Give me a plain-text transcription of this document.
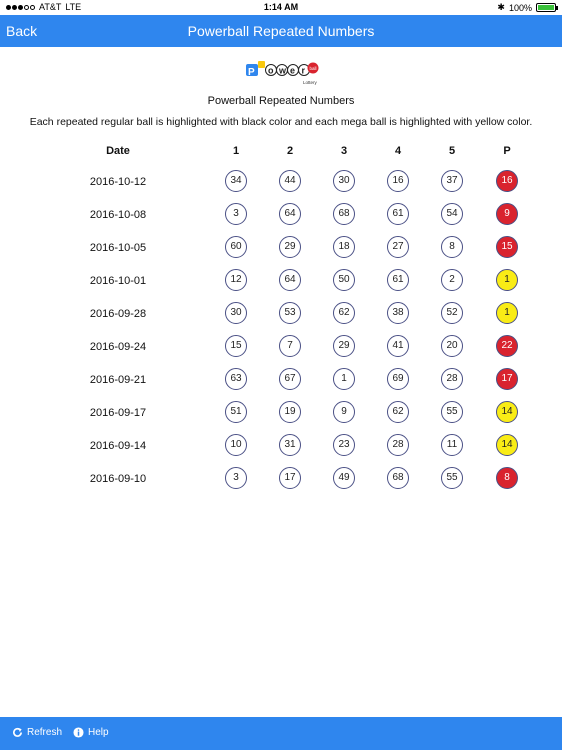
AT&T LTE	1:14 AM	✱ 100%
Back	Powerball Repeated Numbers
P o w e r ball
Lottery
Powerball Repeated Numbers
Each repeated regular ball is highlighted with black color and each mega ball is highlighted with yellow color.
Date	1	2	3	4	5	P
2016-10-12	34	44	30	16	37	16
2016-10-08	3	64	68	61	54	9
2016-10-05	60	29	18	27	8	15
2016-10-01	12	64	50	61	2	1
2016-09-28	30	53	62	38	52	1
2016-09-24	15	7	29	41	20	22
2016-09-21	63	67	1	69	28	17
2016-09-17	51	19	9	62	55	14
2016-09-14	10	31	23	28	11	14
2016-09-10	3	17	49	68	55	8
Refresh	Help
